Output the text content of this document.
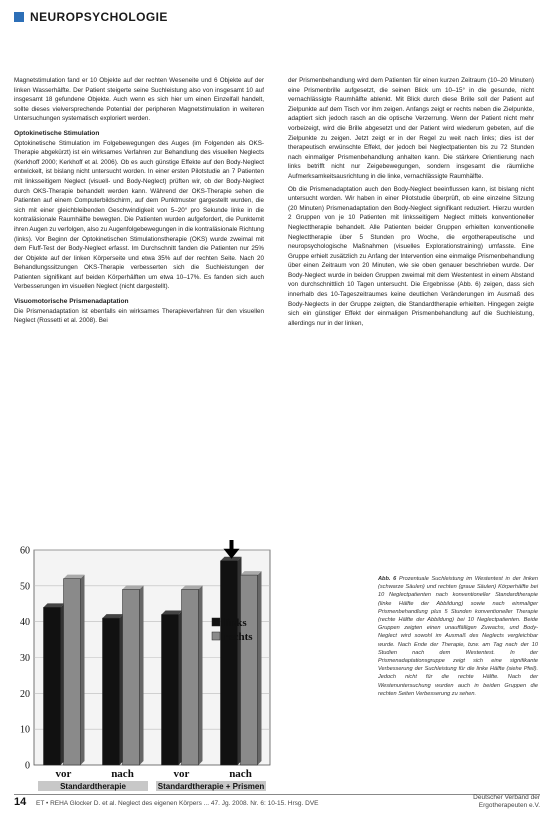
NEUROPSYCHOLOGIE

Magnetstimulation fand er 10 Objekte auf der rechten Weseneite und 6 Objekte auf der linken Wasserhälfte. Der Patient steigerte seine Suchleistung also von insgesamt 10 auf insgesamt 18 gefundene Objekte. Auch wenn es sich hier um einen Einzelfall handelt, sollte dieses vielversprechende Potential der peripheren Magnetstimulation in weiteren Untersuchungen systematisch exploriert werden.

Optokinetische Stimulation

Optokinetische Stimulation im Folgebewegungen des Auges (im Folgenden als OKS-Therapie abgekürzt) ist ein wirksames Verfahren zur Behandlung des visuellen Neglects (Kerkhoff 2000; Kerkhoff et al. 2006). Ob es auch günstige Effekte auf den Body-Neglect entwickelt, ist bislang nicht untersucht worden. In einer ersten Pilotstudie an 7 Patienten mit linksseitigem Neglect (visuell- und Body-Neglect) prüften wir, ob der Body-Neglect durch OKS-Therapie behandelt werden kann. Während der OKS-Therapie sehen die Patienten auf einem Computerbildschirm, auf dem Punktmuster gargestellt wurden, die sich mit einer gleichbleibenden Geschwindigkeit von 5–20° pro Sekunde linke in die kontraläsionale Raumhälfte bewegten. Die Patienten wurden aufgefordert, die Punktemit ihren Augen zu verfolgen, also zu Augenfolgebewegungen in die kontraläsionale Richtung (links). Vor Beginn der Optokinetischen Stimulationstherapie (OKS) wurde zweimal mit dem Fluff-Test der Body-Neglect erfasst. Im Durchschnitt fanden die Patienten nur 25% der Objekte auf der linken Körperseite und etwa 35% auf der rechten Seite. Nach 20 Behandlungssitzungen OKS-Therapie verbesserten sich die Suchleistungen der Patienten signifikant auf beiden Körperhälften um etwa 10–17%. Es fanden sich auch Verbesserungen im visuellen Neglect (nicht dargestellt).

Visuomotorische Prismenadaptation

Die Prismenadaptation ist ebenfalls ein wirksames Therapieverfahren für den visuellen Neglect (Rossetti et al. 2008). Bei

der Prismenbehandlung wird dem Patienten für einen kurzen Zeitraum (10–20 Minuten) eine Prismenbrille aufgesetzt, die seinen Blick um 10–15° in die gesunde, nicht vernachlässigte Raumhälfte ablenkt. Mit Blick durch diese Brille soll der Patient auf Zielpunkte auf dem Tisch vor ihm zeigen. Anfangs zeigt er rechts neben die Zielpunkte, adaptiert sich jedoch rasch an die optische Verzerrung. Wenn der Patient nicht mehr vorbeizeigt, wird die Brille abgesetzt und der Patient wird wiederum gebeten, auf die Zielpunkte zu zeigen. Jetzt zeigt er in der Regel zu weit nach links; dies ist der therapeutisch erwünschte Effekt, der jedoch bei Neglectpatienten bis zu 72 Stunden nach einmaliger Prismenbehandlung anhalten kann. Die stärkere Orientierung nach links betrifft nicht nur Zeigebewegungen, sondern insgesamt die räumliche Aufmerksamkeitsausrichtung in die linke, vernachlässigte Raumhälfte.

Ob die Prismenadaptation auch den Body-Neglect beeinflussen kann, ist bislang nicht untersucht worden. Wir haben in einer Pilotstudie überprüft, ob eine einzelne Sitzung (20 Minuten) Prismenadaptation den Body-Neglect signifikant reduziert. Hierzu wurden 2 Gruppen von je 10 Patienten mit linksseitigem Neglect mittels konventioneller Neglecttherapie behandelt. Alle Patienten beider Gruppen erhielten konventionelle Neglecttherapie über 5 Stunden pro Woche, die ergotherapeutische und neuropsychologische Maßnahmen (visuelles Explorationstraining) umfasste. Eine Gruppe erhielt zusätzlich zu Anfang der Intervention eine einmalige Prismenbehandlung über einen Zeitraum von 20 Minuten, wie sie oben genauer beschrieben wurde. Der Body-Neglect wurde in beiden Gruppen zweimal mit dem Westentest in einem Abstand von durchschnittlich 10 Tagen untersucht. Die Ergebnisse (Abb. 6) zeigen, dass sich innerhalb des 10-Tageszeitraumes keine deutlichen Veränderungen im Ausmaß des Body-Neglects in der Gruppe zeigten, die Standardtherapie erhielten. Hingegen zeigte sich ein günstiger Effekt der einmaligen Prismenbehandlung auf die Suchleistung, allerdings nur in der linken,

0
10
20
30
40
50
60
vor	nach	vor	nach
Standardtherapie	Standardtherapie + Prismen
links
rechts
Abb. 6 Prozentuale Suchleistung im Westentest in der linken (schwarze Säulen) und rechten (graue Säulen) Körperhälfte bei 10 Neglectpatienten nach konventioneller Standardtherapie (linke Hälfte der Abbildung) sowie nach einmaliger Prismenbehandlung plus 5 Stunden konventioneller Therapie (rechte Hälfte der Abbildung) bei 10 Neglectpatienten. Beide Gruppen zeigten einen unauffälligen Zuwachs, und Body-Neglect wird sowohl im Ausmaß des Neglects vergleichbar wurde. Nach Ende der Therapie, bzw. am Tag nach der 10 Studien nach dem Westentest. In der Prismenadaptationsgruppe zeigt sich eine signifikante Verbesserung der Suchleistung für die linke Hälfte (siehe Pfeil). Jedoch nicht für die rechte Hälfte. Nach der Westenuntersuchung wurden auch in beiden Gruppen die rechten Seiten Verbesserung zu sehen.
14 ET • REHA Glocker D. et al. Neglect des eigenen Körpers ... 47. Jg. 2008. Nr. 6: 10-15. Hrsg. DVE
Deutscher Verband der
Ergotherapeuten e.V.
